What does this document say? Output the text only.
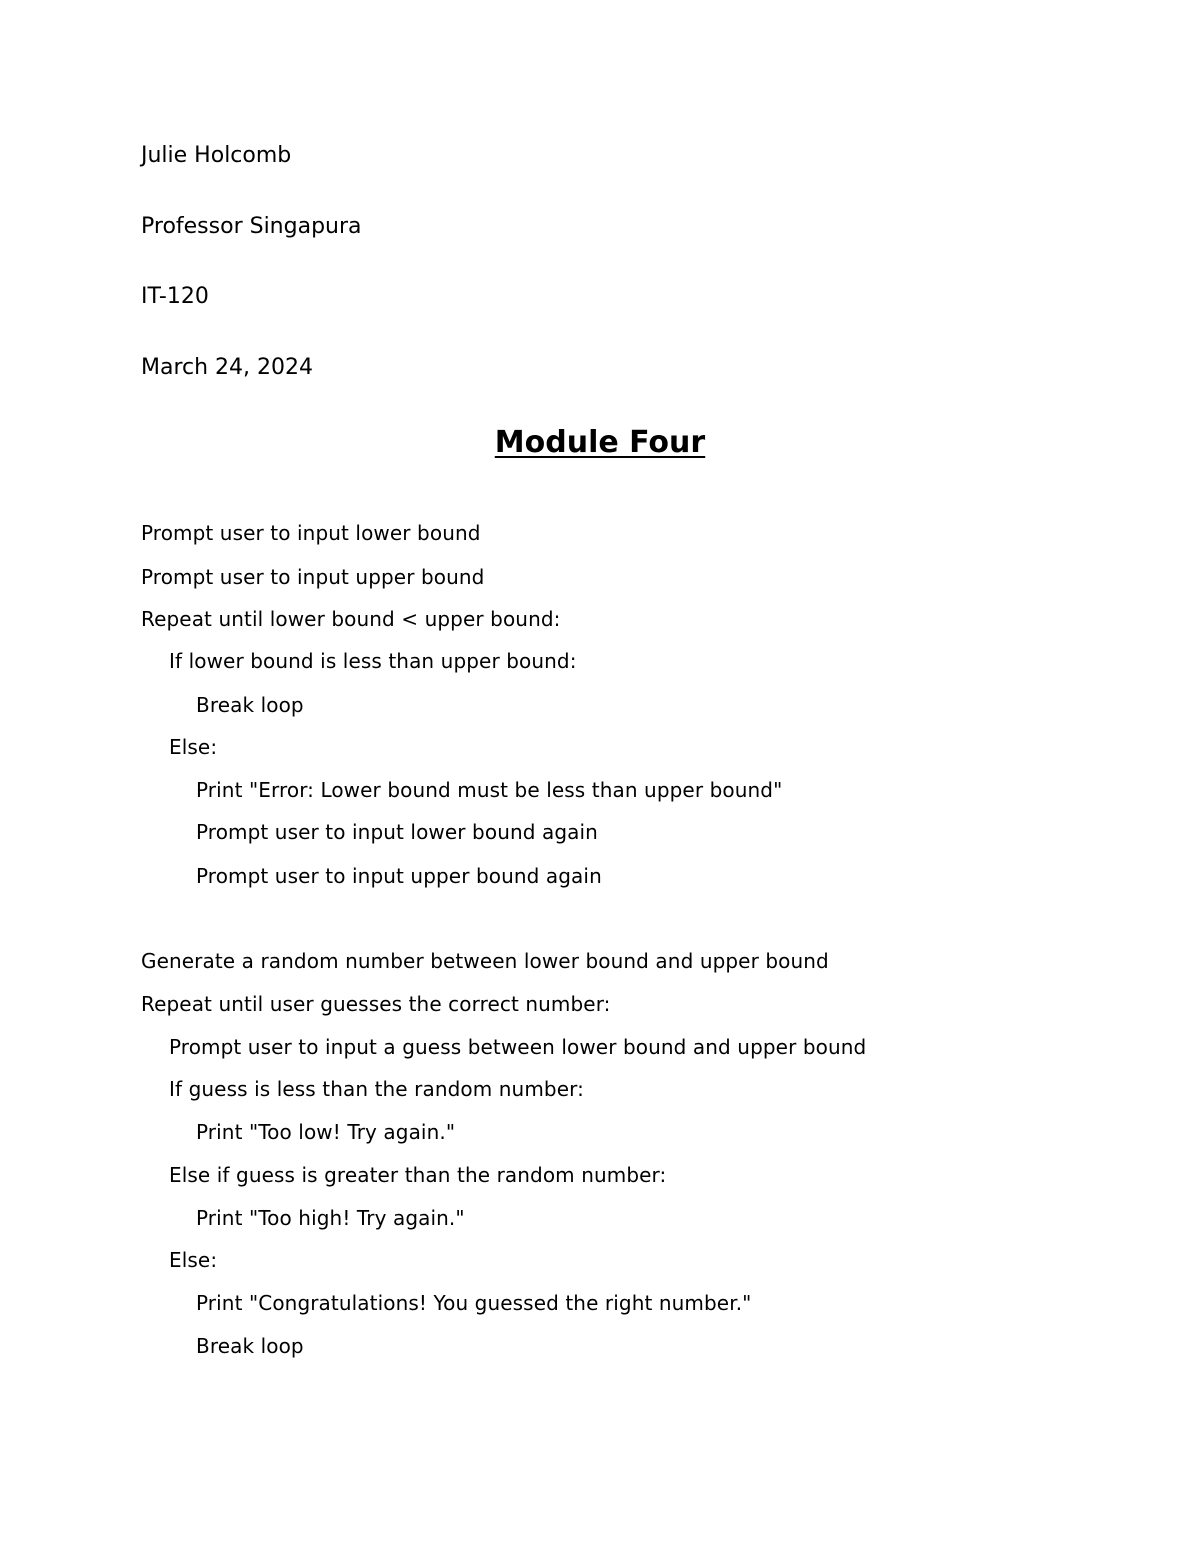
Julie Holcomb
Professor Singapura
IT-120
March 24, 2024
Module Four
Prompt user to input lower bound
Prompt user to input upper bound
Repeat until lower bound < upper bound:
If lower bound is less than upper bound:
Break loop
Else:
Print "Error: Lower bound must be less than upper bound"
Prompt user to input lower bound again
Prompt user to input upper bound again
Generate a random number between lower bound and upper bound
Repeat until user guesses the correct number:
Prompt user to input a guess between lower bound and upper bound
If guess is less than the random number:
Print "Too low! Try again."
Else if guess is greater than the random number:
Print "Too high! Try again."
Else:
Print "Congratulations! You guessed the right number."
Break loop
